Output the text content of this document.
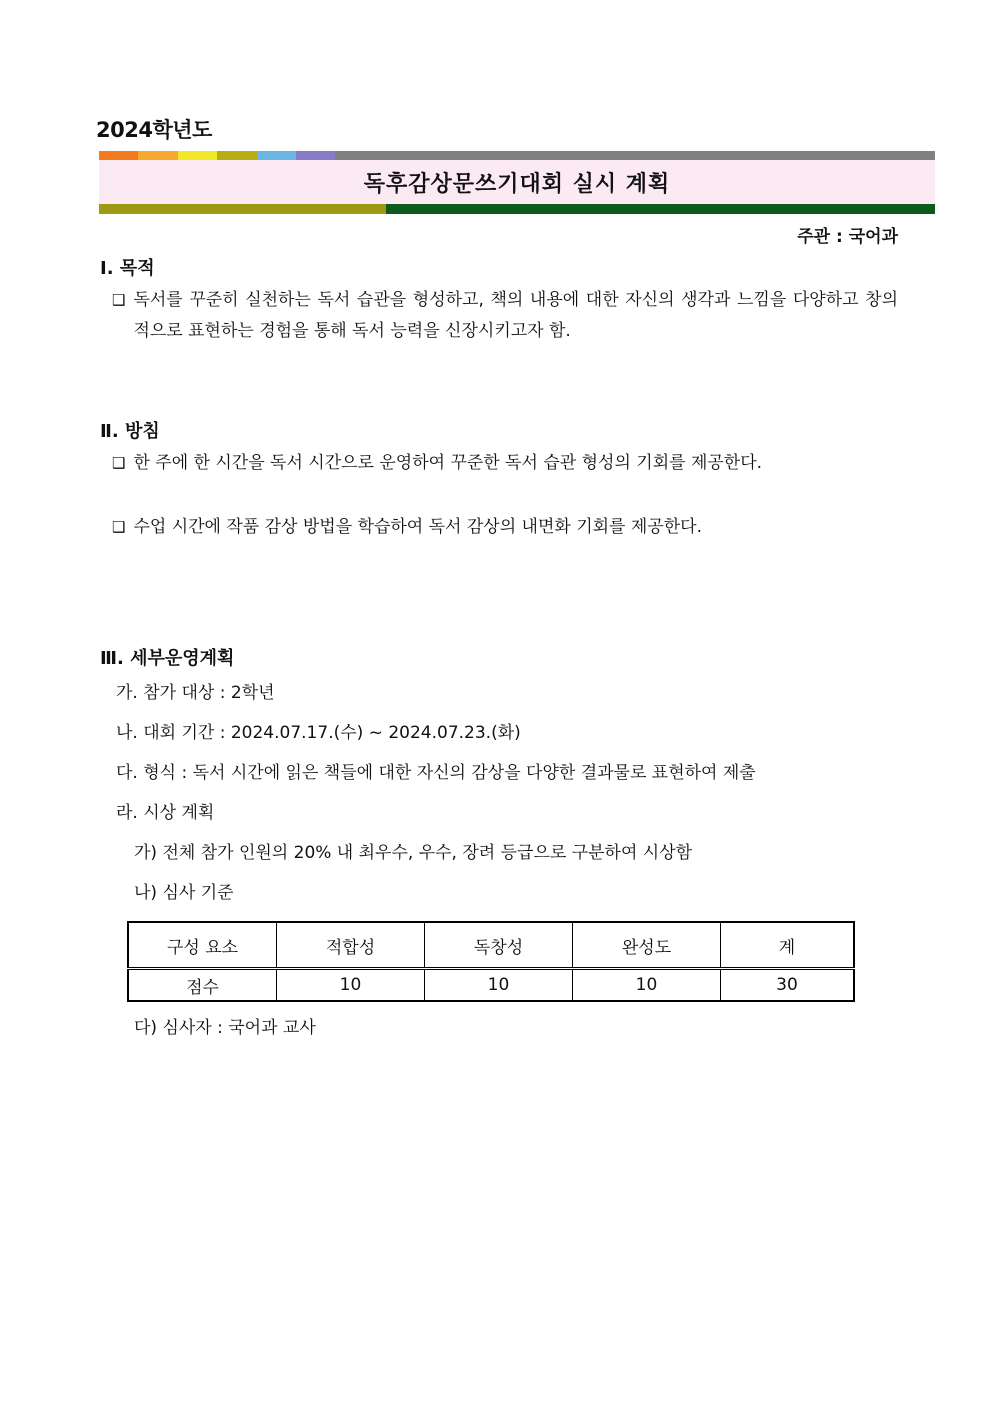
2024학년도
독후감상문쓰기대회 실시 계획
주관 : 국어과
Ⅰ. 목적
❑ 독서를 꾸준히 실천하는 독서 습관을 형성하고, 책의 내용에 대한 자신의 생각과 느낌을 다양하고 창의적으로 표현하는 경험을 통해 독서 능력을 신장시키고자 함.
Ⅱ. 방침
❑ 한 주에 한 시간을 독서 시간으로 운영하여 꾸준한 독서 습관 형성의 기회를 제공한다.
❑ 수업 시간에 작품 감상 방법을 학습하여 독서 감상의 내면화 기회를 제공한다.
Ⅲ. 세부운영계획
가. 참가 대상 : 2학년
나. 대회 기간 : 2024.07.17.(수) ~ 2024.07.23.(화)
다. 형식 : 독서 시간에 읽은 책들에 대한 자신의 감상을 다양한 결과물로 표현하여 제출
라. 시상 계획
가) 전체 참가 인원의 20% 내 최우수, 우수, 장려 등급으로 구분하여 시상함
나) 심사 기준
구성 요소	적합성	독창성	완성도	계
점수	10	10	10	30
다) 심사자 : 국어과 교사
